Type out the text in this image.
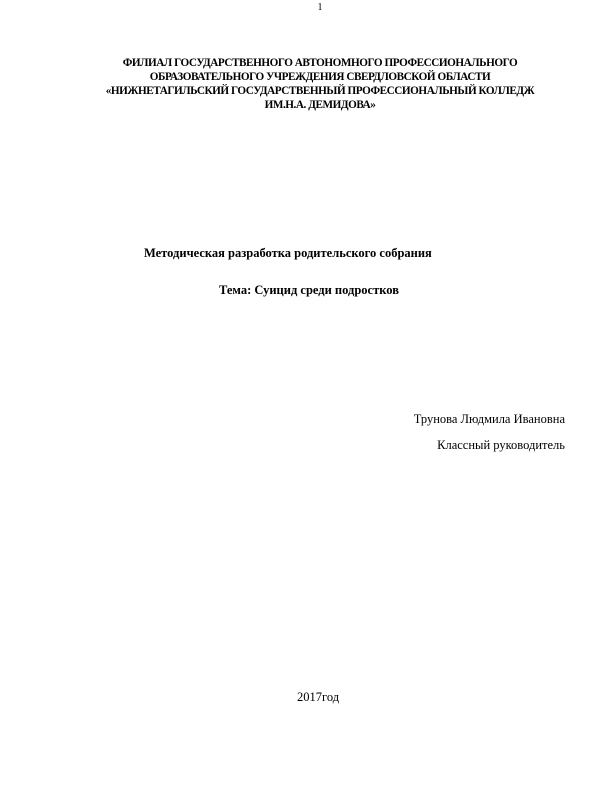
1
ФИЛИАЛ ГОСУДАРСТВЕННОГО АВТОНОМНОГО ПРОФЕССИОНАЛЬНОГО
ОБРАЗОВАТЕЛЬНОГО УЧРЕЖДЕНИЯ СВЕРДЛОВСКОЙ ОБЛАСТИ
«НИЖНЕТАГИЛЬСКИЙ ГОСУДАРСТВЕННЫЙ ПРОФЕССИОНАЛЬНЫЙ КОЛЛЕДЖ
ИМ.Н.А. ДЕМИДОВА»
Методическая разработка родительского собрания
Тема: Суицид среди подростков
Трунова Людмила Ивановна
Классный руководитель
2017год
